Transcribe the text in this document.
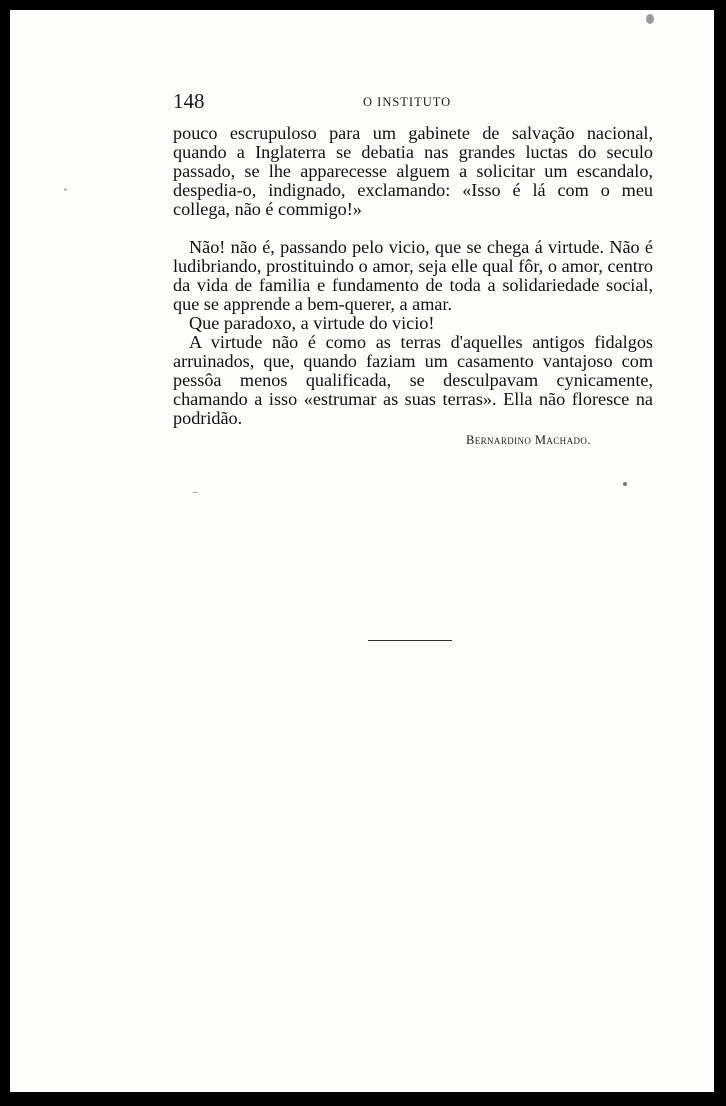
148	O INSTITUTO

pouco escrupuloso para um gabinete de salvação nacional, quando a Inglaterra se debatia nas grandes luctas do seculo passado, se lhe apparecesse alguem a solicitar um escandalo, despedia-o, indignado, exclamando: «Isso é lá com o meu collega, não é commigo!»

Não! não é, passando pelo vicio, que se chega á virtude. Não é ludibriando, prostituindo o amor, seja elle qual fôr, o amor, centro da vida de familia e fundamento de toda a solidariedade social, que se apprende a bem-querer, a amar.

Que paradoxo, a virtude do vicio!

A virtude não é como as terras d'aquelles antigos fidalgos arruinados, que, quando faziam um casamento vantajoso com pessôa menos qualificada, se desculpavam cynicamente, chamando a isso «estrumar as suas terras». Ella não floresce na podridão.

Bernardino Machado.
